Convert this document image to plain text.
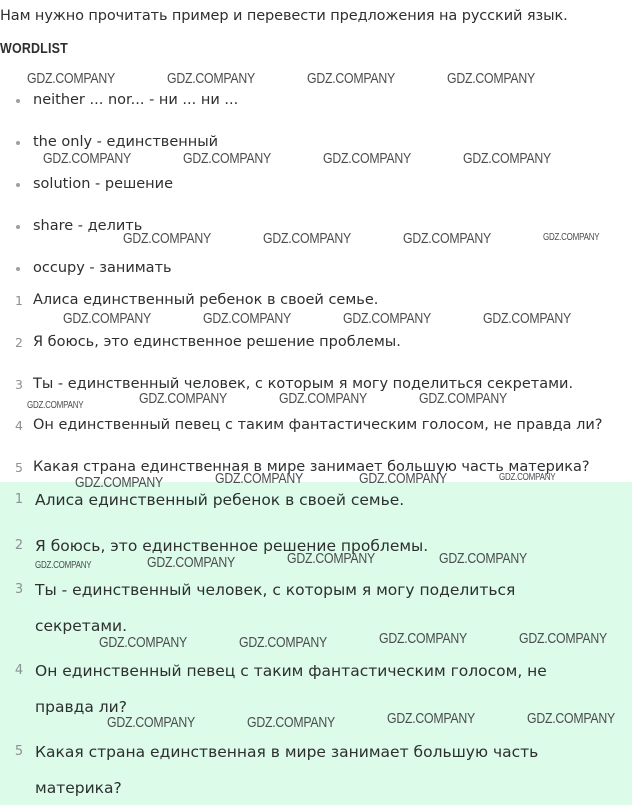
Нам нужно прочитать пример и перевести предложения на русский язык.
WORDLIST
neither ... nor... - ни ... ни ...
the only - единственный
solution - решение
share - делить
occupy - занимать
1 Алиса единственный ребенок в своей семье.
2 Я боюсь, это единственное решение проблемы.
3 Ты - единственный человек, с которым я могу поделиться секретами.
4 Он единственный певец с таким фантастическим голосом, не правда ли?
5 Какая страна единственная в мире занимает большую часть материка?
1 Алиса единственный ребенок в своей семье.
2 Я боюсь, это единственное решение проблемы.
3 Ты - единственный человек, с которым я могу поделиться
секретами.
4 Он единственный певец с таким фантастическим голосом, не
правда ли?
5 Какая страна единственная в мире занимает большую часть
материка?
GDZ.COMPANY	GDZ.COMPANY	GDZ.COMPANY	GDZ.COMPANY
GDZ.COMPANY	GDZ.COMPANY	GDZ.COMPANY	GDZ.COMPANY
GDZ.COMPANY	GDZ.COMPANY	GDZ.COMPANY	GDZ.COMPANY
GDZ.COMPANY	GDZ.COMPANY	GDZ.COMPANY	GDZ.COMPANY
GDZ.COMPANY	GDZ.COMPANY	GDZ.COMPANY	GDZ.COMPANY
GDZ.COMPANY	GDZ.COMPANY	GDZ.COMPANY	GDZ.COMPANY
GDZ.COMPANY	GDZ.COMPANY	GDZ.COMPANY	GDZ.COMPANY
GDZ.COMPANY	GDZ.COMPANY	GDZ.COMPANY	GDZ.COMPANY
GDZ.COMPANY	GDZ.COMPANY	GDZ.COMPANY	GDZ.COMPANY
